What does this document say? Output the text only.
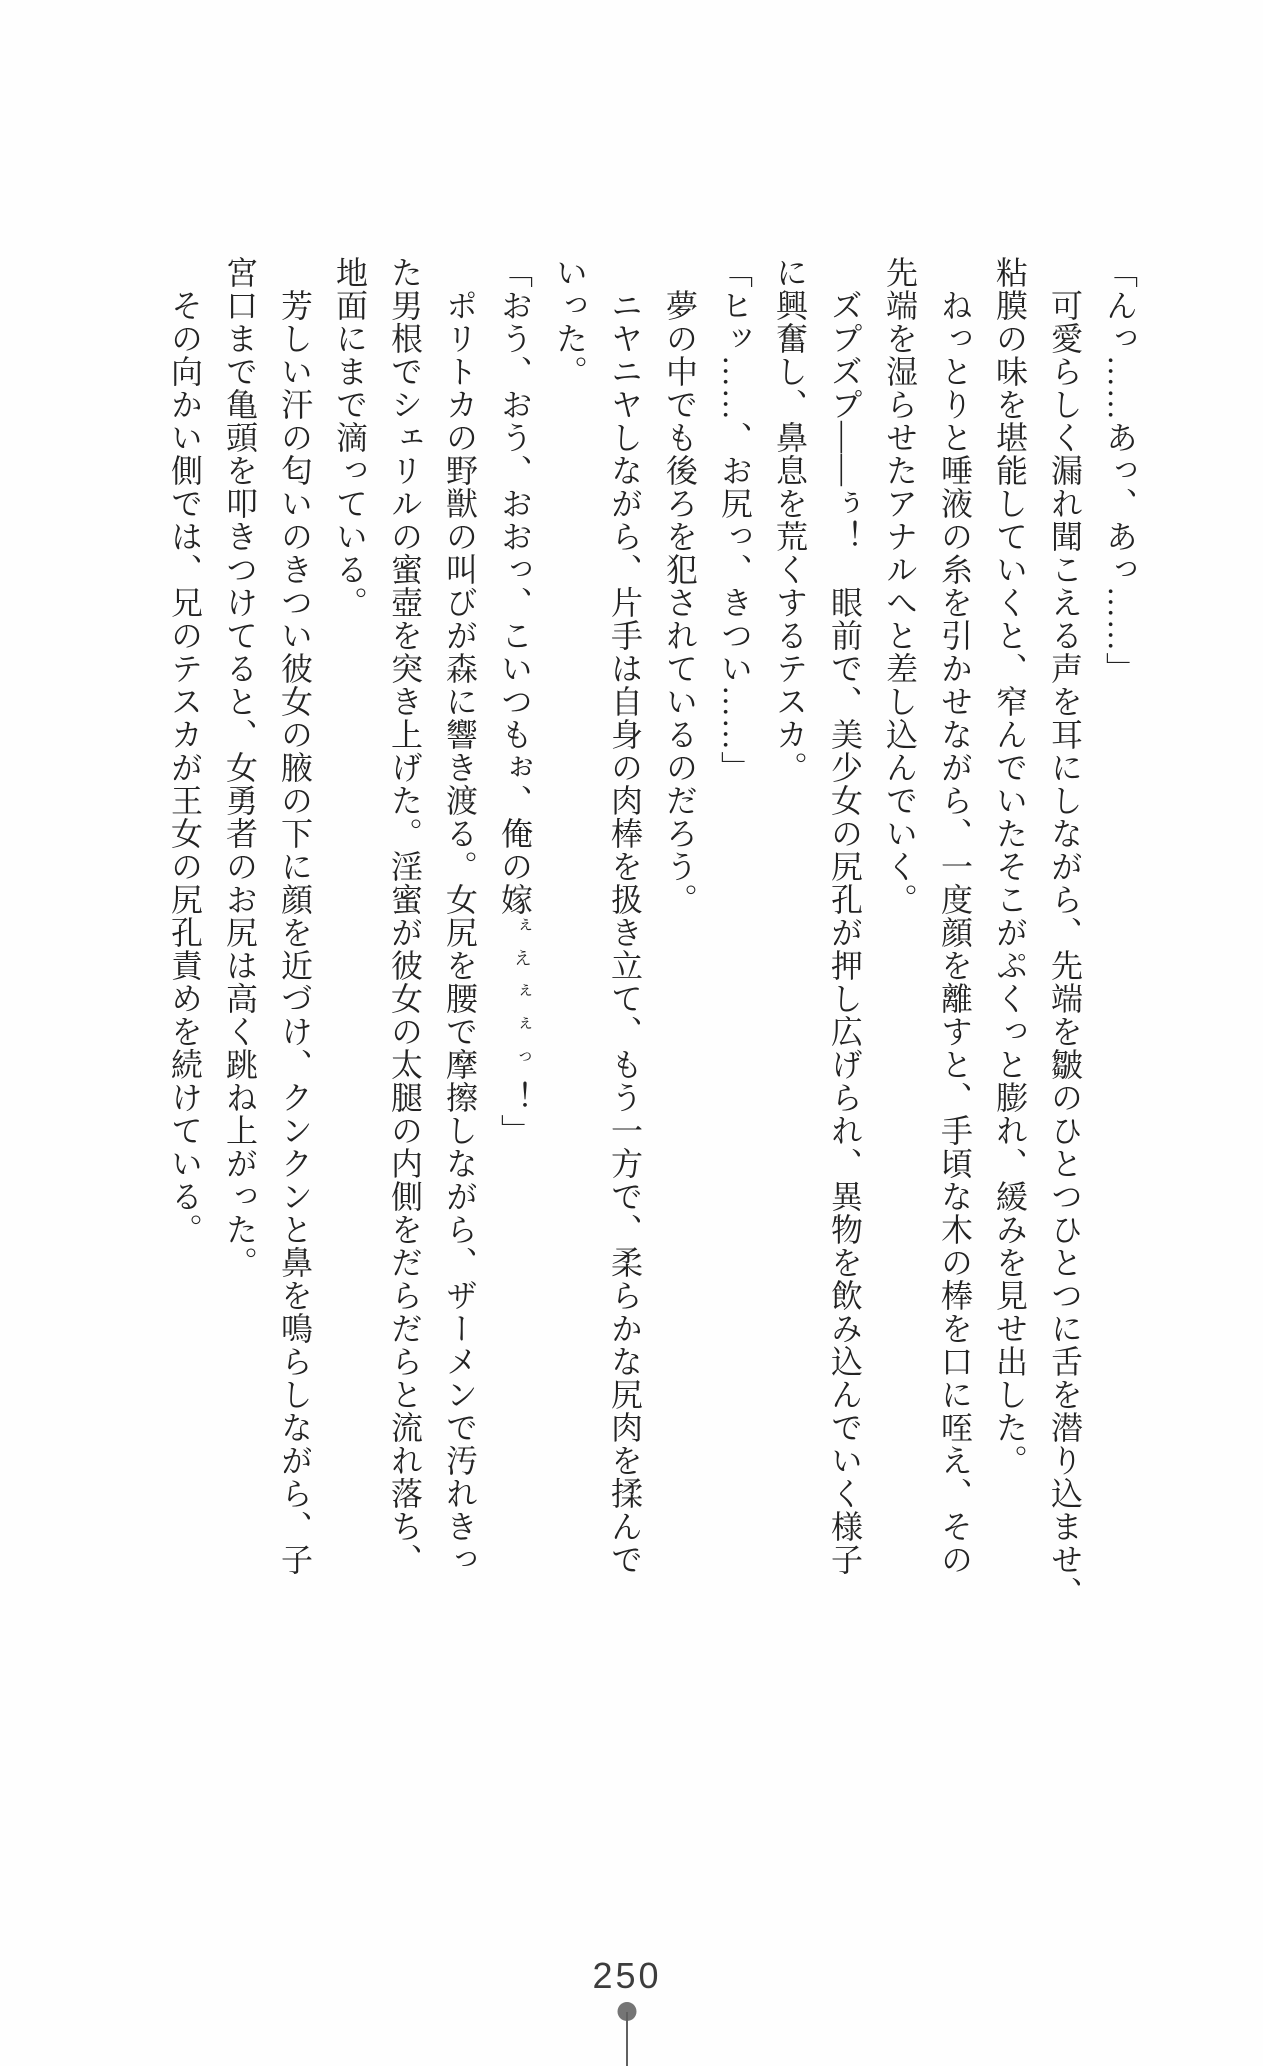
「んっ……あっ、あっ……」
可愛らしく漏れ聞こえる声を耳にしながら、先端を皺のひとつひとつに舌を潜り込ませ、
粘膜の味を堪能していくと、窄んでいたそこがぷくっと膨れ、緩みを見せ出した。
ねっとりと唾液の糸を引かせながら、一度顔を離すと、手頃な木の棒を口に咥え、その
先端を湿らせたアナルへと差し込んでいく。
ズプズプ――ぅ！　眼前で、美少女の尻孔が押し広げられ、異物を飲み込んでいく様子
に興奮し、鼻息を荒くするテスカ。
「ヒッ……、お尻っ、きつい……」
夢の中でも後ろを犯されているのだろう。
ニヤニヤしながら、片手は自身の肉棒を扱き立て、もう一方で、柔らかな尻肉を揉んで
いった。
「おう、おう、おおっ、こいつもぉ、俺の嫁ぇえぇぇっ！」
ポリトカの野獣の叫びが森に響き渡る。女尻を腰で摩擦しながら、ザーメンで汚れきっ
た男根でシェリルの蜜壺を突き上げた。淫蜜が彼女の太腿の内側をだらだらと流れ落ち、
地面にまで滴っている。
芳しい汗の匂いのきつい彼女の腋の下に顔を近づけ、クンクンと鼻を鳴らしながら、子
宮口まで亀頭を叩きつけてると、女勇者のお尻は高く跳ね上がった。
その向かい側では、兄のテスカが王女の尻孔責めを続けている。
250
